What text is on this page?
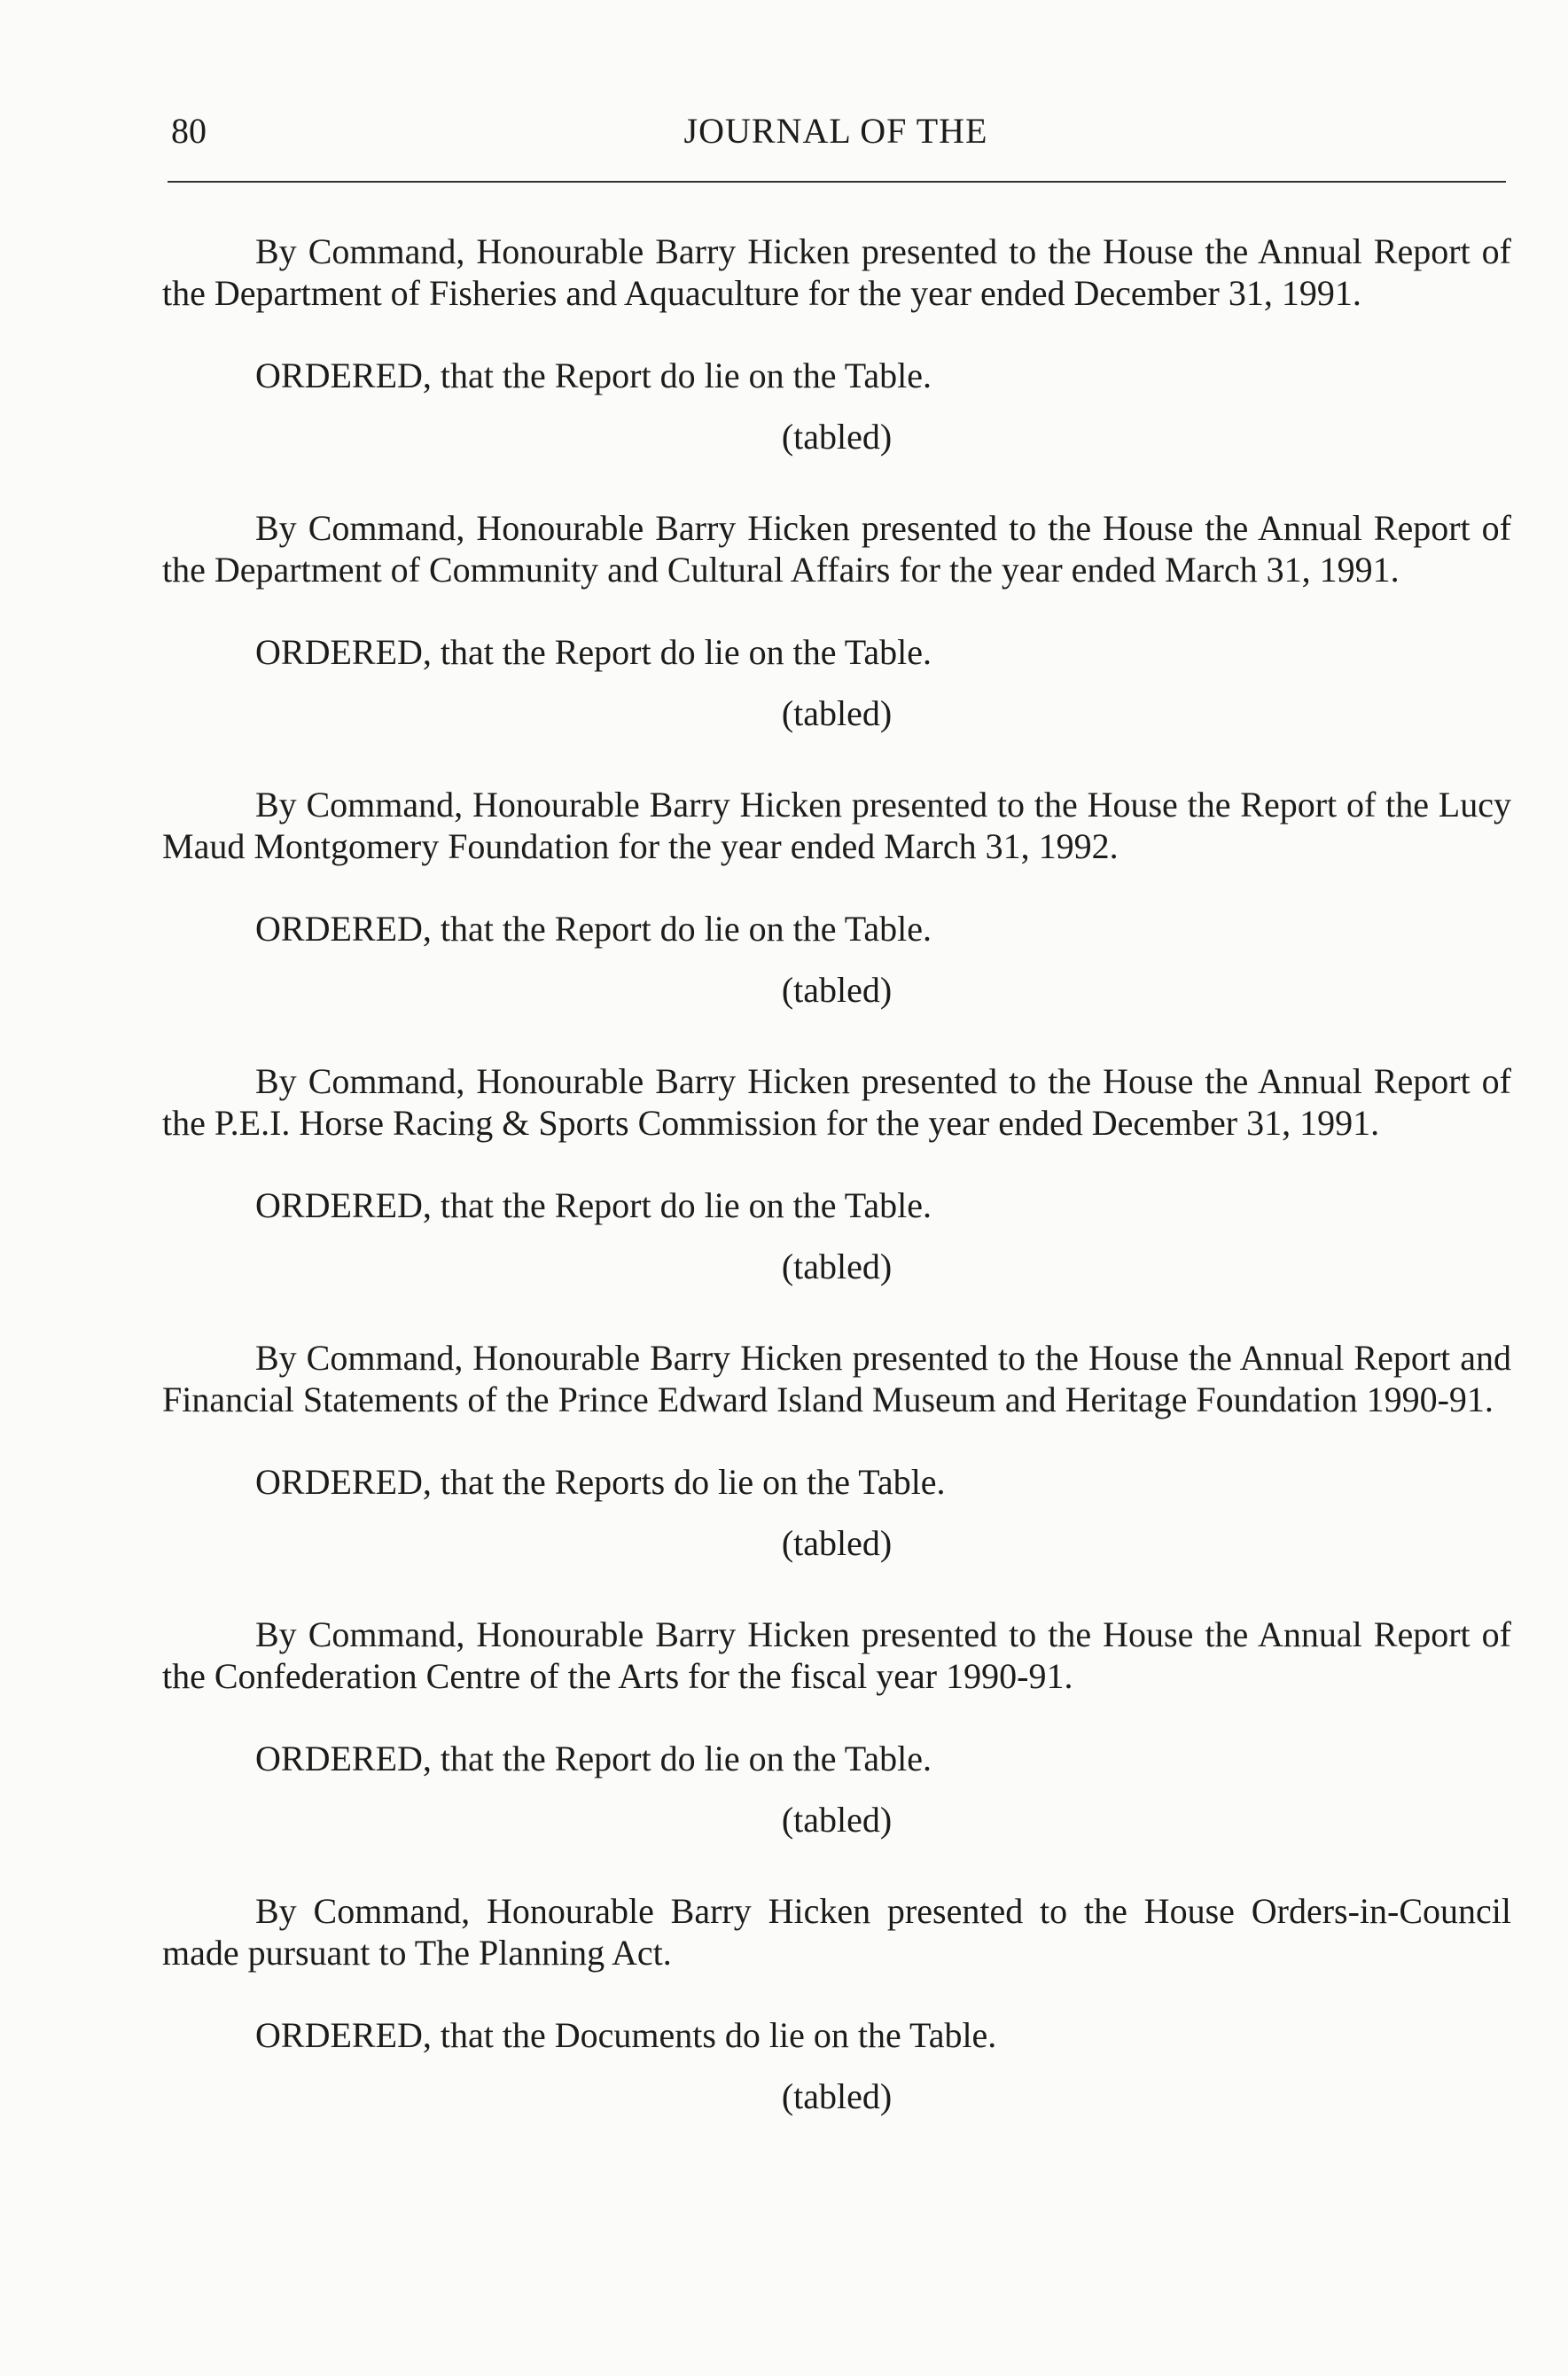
80	JOURNAL OF THE

By Command, Honourable Barry Hicken presented to the House the Annual Report of the Department of Fisheries and Aquaculture for the year ended December 31, 1991.

ORDERED, that the Report do lie on the Table.

(tabled)

By Command, Honourable Barry Hicken presented to the House the Annual Report of the Department of Community and Cultural Affairs for the year ended March 31, 1991.

ORDERED, that the Report do lie on the Table.

(tabled)

By Command, Honourable Barry Hicken presented to the House the Report of the Lucy Maud Montgomery Foundation for the year ended March 31, 1992.

ORDERED, that the Report do lie on the Table.

(tabled)

By Command, Honourable Barry Hicken presented to the House the Annual Report of the P.E.I. Horse Racing & Sports Commission for the year ended December 31, 1991.

ORDERED, that the Report do lie on the Table.

(tabled)

By Command, Honourable Barry Hicken presented to the House the Annual Report and Financial Statements of the Prince Edward Island Museum and Heritage Foundation 1990-91.

ORDERED, that the Reports do lie on the Table.

(tabled)

By Command, Honourable Barry Hicken presented to the House the Annual Report of the Confederation Centre of the Arts for the fiscal year 1990-91.

ORDERED, that the Report do lie on the Table.

(tabled)

By Command, Honourable Barry Hicken presented to the House Orders-in-Council made pursuant to The Planning Act.

ORDERED, that the Documents do lie on the Table.

(tabled)
